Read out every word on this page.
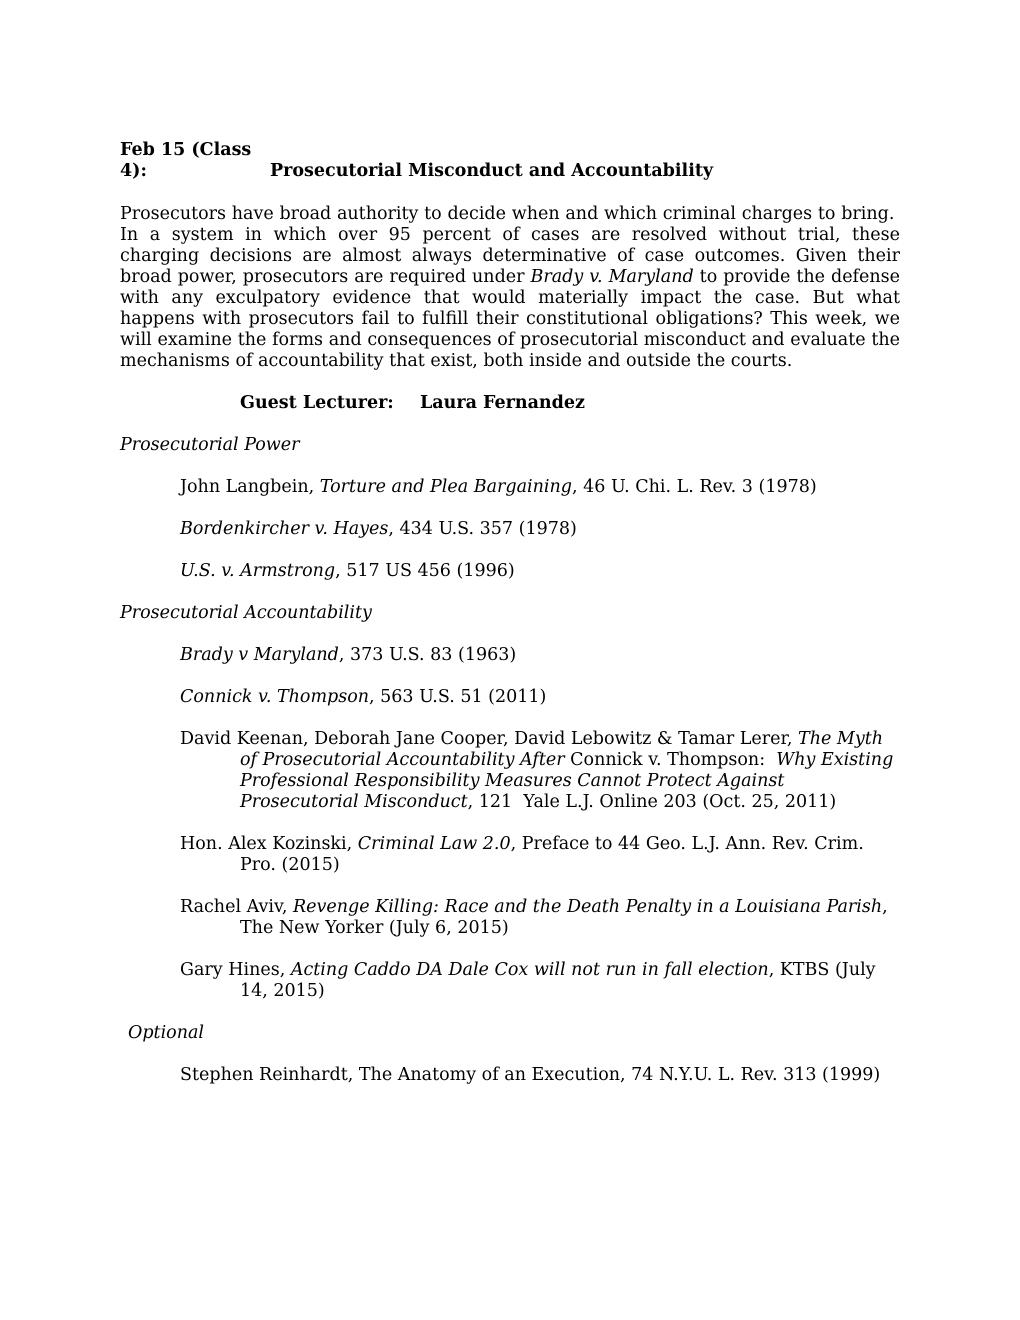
Feb 15 (Class 4):	Prosecutorial Misconduct and Accountability

Prosecutors have broad authority to decide when and which criminal charges to bring.  In a system in which over 95 percent of cases are resolved without trial, these charging decisions are almost always determinative of case outcomes. Given their broad power, prosecutors are required under Brady v. Maryland to provide the defense with any exculpatory evidence that would materially impact the case. But what happens with prosecutors fail to fulfill their constitutional obligations? This week, we will examine the forms and consequences of prosecutorial misconduct and evaluate the mechanisms of accountability that exist, both inside and outside the courts.

Guest Lecturer: Laura Fernandez

Prosecutorial Power

John Langbein, Torture and Plea Bargaining, 46 U. Chi. L. Rev. 3 (1978)

Bordenkircher v. Hayes, 434 U.S. 357 (1978)

U.S. v. Armstrong, 517 US 456 (1996)

Prosecutorial Accountability

Brady v Maryland, 373 U.S. 83 (1963)

Connick v. Thompson, 563 U.S. 51 (2011)

David Keenan, Deborah Jane Cooper, David Lebowitz & Tamar Lerer, The Myth of Prosecutorial Accountability After Connick v. Thompson:  Why Existing Professional Responsibility Measures Cannot Protect Against Prosecutorial Misconduct, 121  Yale L.J. Online 203 (Oct. 25, 2011)

Hon. Alex Kozinski, Criminal Law 2.0, Preface to 44 Geo. L.J. Ann. Rev. Crim. Pro. (2015)

Rachel Aviv, Revenge Killing: Race and the Death Penalty in a Louisiana Parish, The New Yorker (July 6, 2015)

Gary Hines, Acting Caddo DA Dale Cox will not run in fall election, KTBS (July 14, 2015)

Optional

Stephen Reinhardt, The Anatomy of an Execution, 74 N.Y.U. L. Rev. 313 (1999)
